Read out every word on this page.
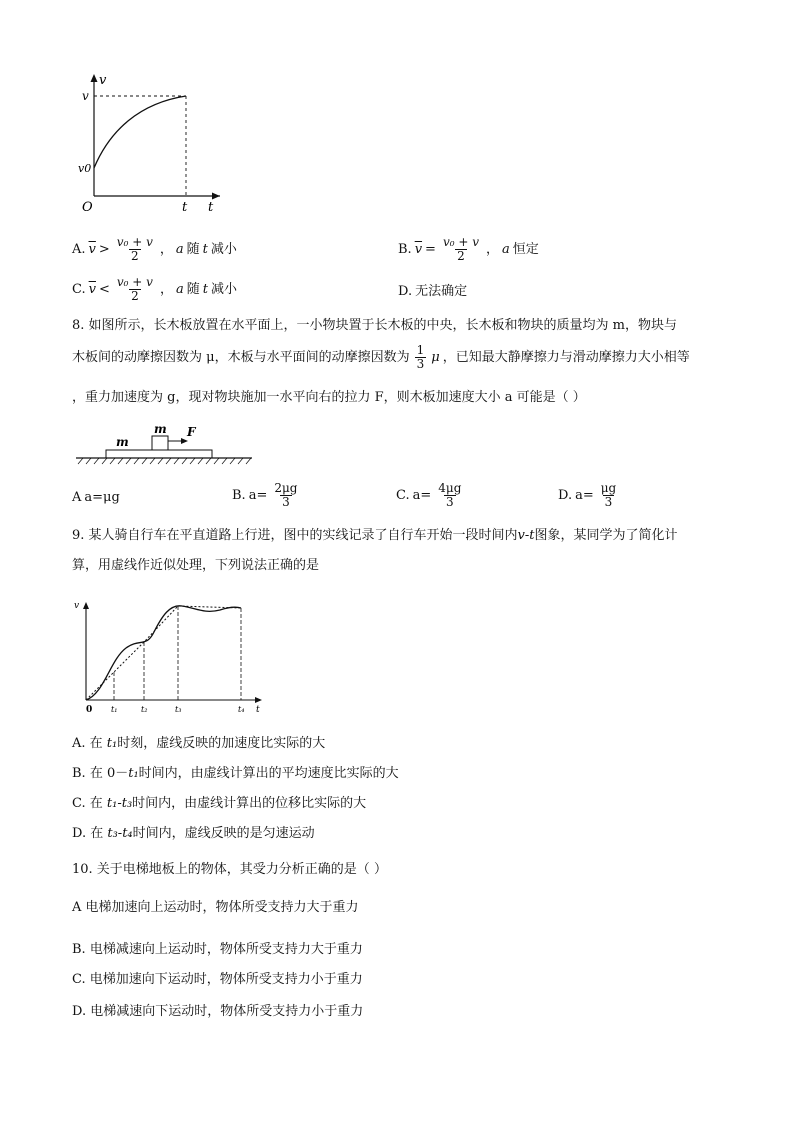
v
v
v0
O	t t
A. $\overline{v} > \frac{\text{v₀ + v}}{2}$ ， a 随 t 减小	B. $\overline{v} = \frac{\text{v₀ + v}}{2}$ ， a 恒定
C. $\overline{v} < \frac{\text{v₀ + v}}{2}$ ， a 随 t 减小	D. 无法确定
8. 如图所示，长木板放置在水平面上，一小物块置于长木板的中央，长木板和物块的质量均为 m，物块与
木板间的动摩擦因数为 μ，木板与水平面间的动摩擦因数为 $\frac{1}{3}$ μ ，已知最大静摩擦力与滑动摩擦力大小相等
，重力加速度为 g，现对物块施加一水平向右的拉力 F，则木板加速度大小 a 可能是（ ）
m
m F
A a=μg	B. $a= \frac{2\mu g}{3}$	C. $a= \frac{4\mu g}{3}$	D. $a= \frac{\mu g}{3}$
9. 某人骑自行车在平直道路上行进，图中的实线记录了自行车开始一段时间内v-t图象，某同学为了简化计
算，用虚线作近似处理，下列说法正确的是
v
0 t₁	t₂	t₃	t₄ t
A. 在 t₁时刻，虚线反映的加速度比实际的大
B. 在 0－t₁时间内，由虚线计算出的平均速度比实际的大
C. 在 t₁-t₃时间内，由虚线计算出的位移比实际的大
D. 在 t₃-t₄时间内，虚线反映的是匀速运动
10. 关于电梯地板上的物体，其受力分析正确的是（ ）
A 电梯加速向上运动时，物体所受支持力大于重力
B. 电梯减速向上运动时，物体所受支持力大于重力
C. 电梯加速向下运动时，物体所受支持力小于重力
D. 电梯减速向下运动时，物体所受支持力小于重力
